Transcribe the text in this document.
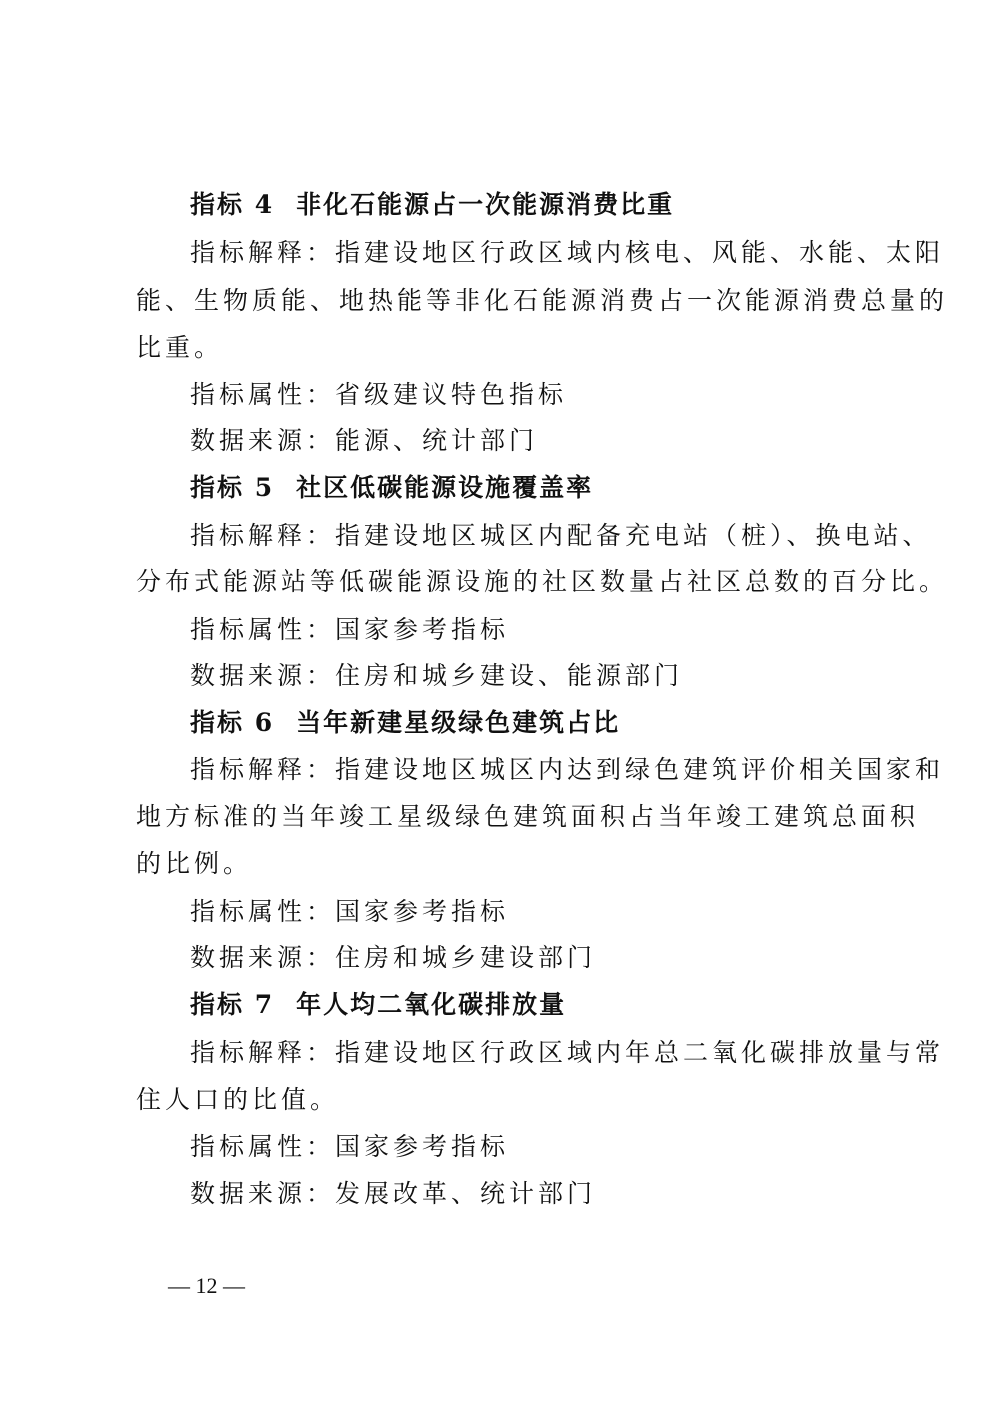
指标 4 非化石能源占一次能源消费比重
指标解释：指建设地区行政区域内核电、风能、水能、太阳
能、生物质能、地热能等非化石能源消费占一次能源消费总量的
比重。
指标属性：省级建议特色指标
数据来源：能源、统计部门
指标 5 社区低碳能源设施覆盖率
指标解释：指建设地区城区内配备充电站（桩）、换电站、
分布式能源站等低碳能源设施的社区数量占社区总数的百分比。
指标属性：国家参考指标
数据来源：住房和城乡建设、能源部门
指标 6 当年新建星级绿色建筑占比
指标解释：指建设地区城区内达到绿色建筑评价相关国家和
地方标准的当年竣工星级绿色建筑面积占当年竣工建筑总面积
的比例。
指标属性：国家参考指标
数据来源：住房和城乡建设部门
指标 7 年人均二氧化碳排放量
指标解释：指建设地区行政区域内年总二氧化碳排放量与常
住人口的比值。
指标属性：国家参考指标
数据来源：发展改革、统计部门
— 12 —
